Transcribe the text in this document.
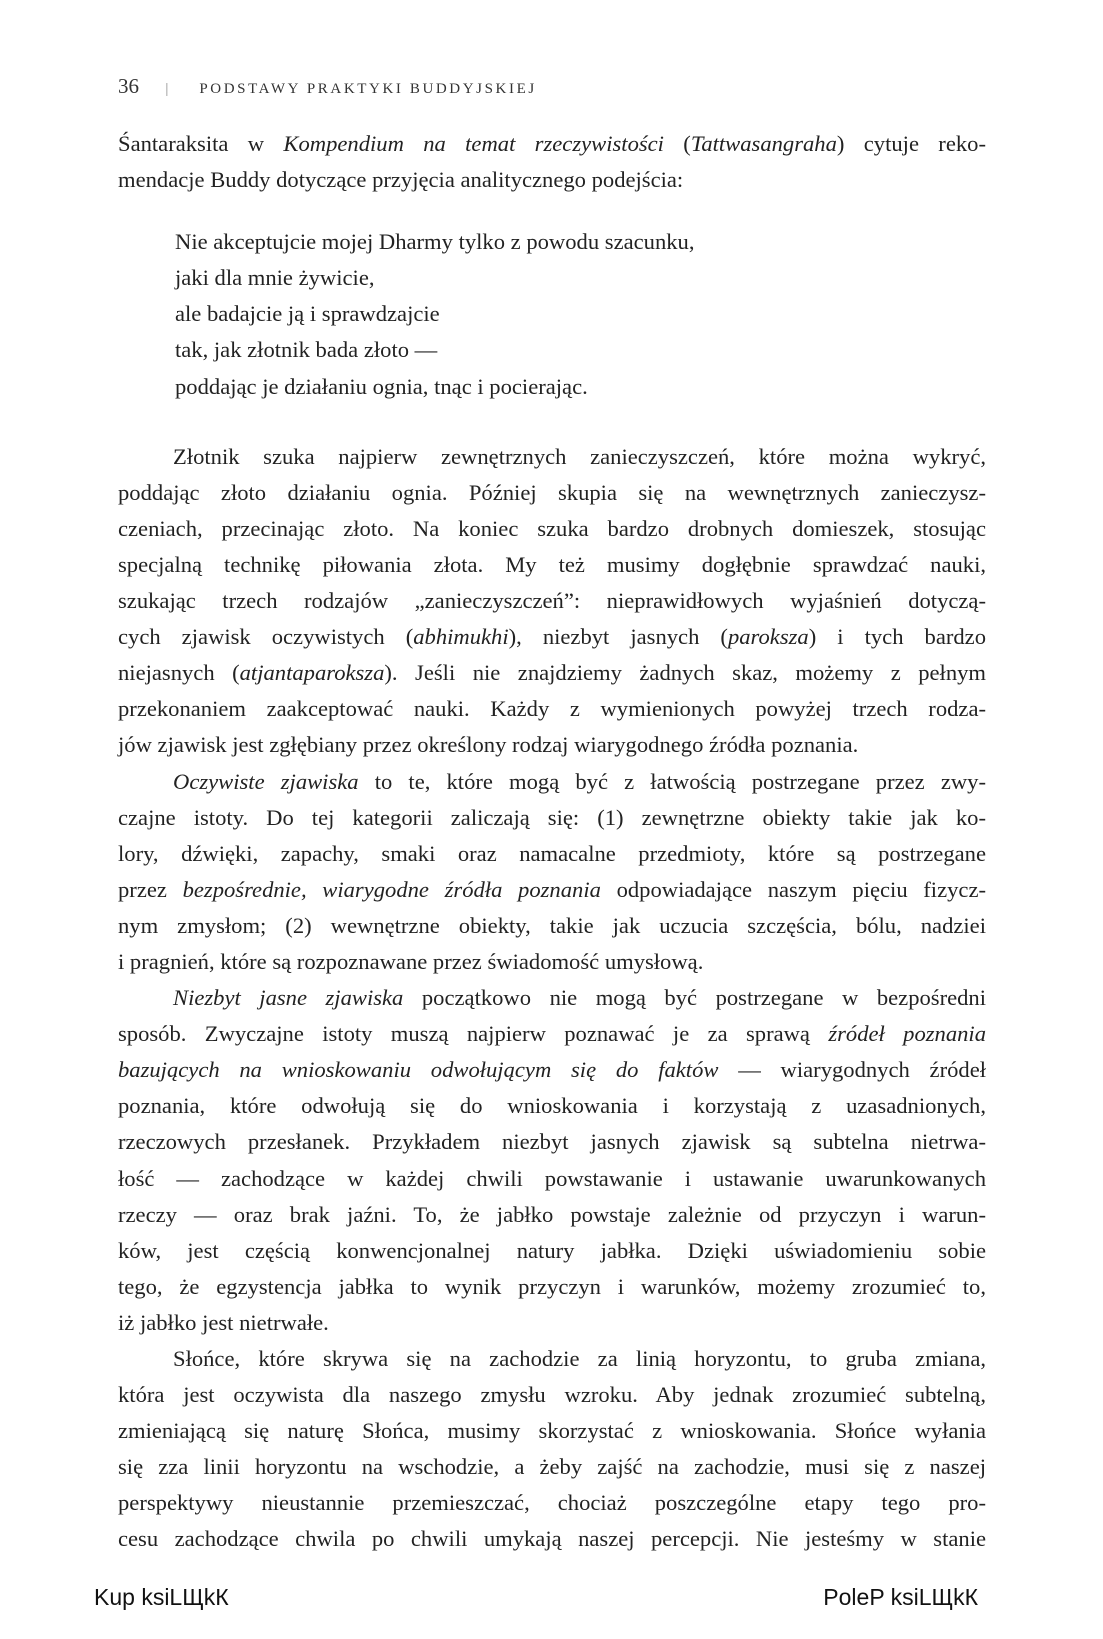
36 | PODSTAWY PRAKTYKI BUDDYJSKIEJ

Śantaraksita w Kompendium na temat rzeczywistości (Tattwasangraha) cytuje reko-

mendacje Buddy dotyczące przyjęcia analitycznego podejścia:

Nie akceptujcie mojej Dharmy tylko z powodu szacunku,
jaki dla mnie żywicie,
ale badajcie ją i sprawdzajcie
tak, jak złotnik bada złoto —
poddając je działaniu ognia, tnąc i pocierając.

Złotnik szuka najpierw zewnętrznych zanieczyszczeń, które można wykryć,

poddając złoto działaniu ognia. Później skupia się na wewnętrznych zanieczysz-

czeniach, przecinając złoto. Na koniec szuka bardzo drobnych domieszek, stosując

specjalną technikę piłowania złota. My też musimy dogłębnie sprawdzać nauki,

szukając trzech rodzajów „zanieczyszczeń”: nieprawidłowych wyjaśnień dotyczą-

cych zjawisk oczywistych (abhimukhi), niezbyt jasnych (paroksza) i tych bardzo

niejasnych (atjantaparoksza). Jeśli nie znajdziemy żadnych skaz, możemy z pełnym

przekonaniem zaakceptować nauki. Każdy z wymienionych powyżej trzech rodza-

jów zjawisk jest zgłębiany przez określony rodzaj wiarygodnego źródła poznania.

Oczywiste zjawiska to te, które mogą być z łatwością postrzegane przez zwy-

czajne istoty. Do tej kategorii zaliczają się: (1) zewnętrzne obiekty takie jak ko-

lory, dźwięki, zapachy, smaki oraz namacalne przedmioty, które są postrzegane

przez bezpośrednie, wiarygodne źródła poznania odpowiadające naszym pięciu fizycz-

nym zmysłom; (2) wewnętrzne obiekty, takie jak uczucia szczęścia, bólu, nadziei

i pragnień, które są rozpoznawane przez świadomość umysłową.

Niezbyt jasne zjawiska początkowo nie mogą być postrzegane w bezpośredni

sposób. Zwyczajne istoty muszą najpierw poznawać je za sprawą źródeł poznania

bazujących na wnioskowaniu odwołującym się do faktów — wiarygodnych źródeł

poznania, które odwołują się do wnioskowania i korzystają z uzasadnionych,

rzeczowych przesłanek. Przykładem niezbyt jasnych zjawisk są subtelna nietrwa-

łość — zachodzące w każdej chwili powstawanie i ustawanie uwarunkowanych

rzeczy — oraz brak jaźni. To, że jabłko powstaje zależnie od przyczyn i warun-

ków, jest częścią konwencjonalnej natury jabłka. Dzięki uświadomieniu sobie

tego, że egzystencja jabłka to wynik przyczyn i warunków, możemy zrozumieć to,

iż jabłko jest nietrwałe.

Słońce, które skrywa się na zachodzie za linią horyzontu, to gruba zmiana,

która jest oczywista dla naszego zmysłu wzroku. Aby jednak zrozumieć subtelną,

zmieniającą się naturę Słońca, musimy skorzystać z wnioskowania. Słońce wyłania

się zza linii horyzontu na wschodzie, a żeby zajść na zachodzie, musi się z naszej

perspektywy nieustannie przemieszczać, chociaż poszczególne etapy tego pro-

cesu zachodzące chwila po chwili umykają naszej percepcji. Nie jesteśmy w stanie

Kup ksiLЩkК	PoleP ksiLЩkК
